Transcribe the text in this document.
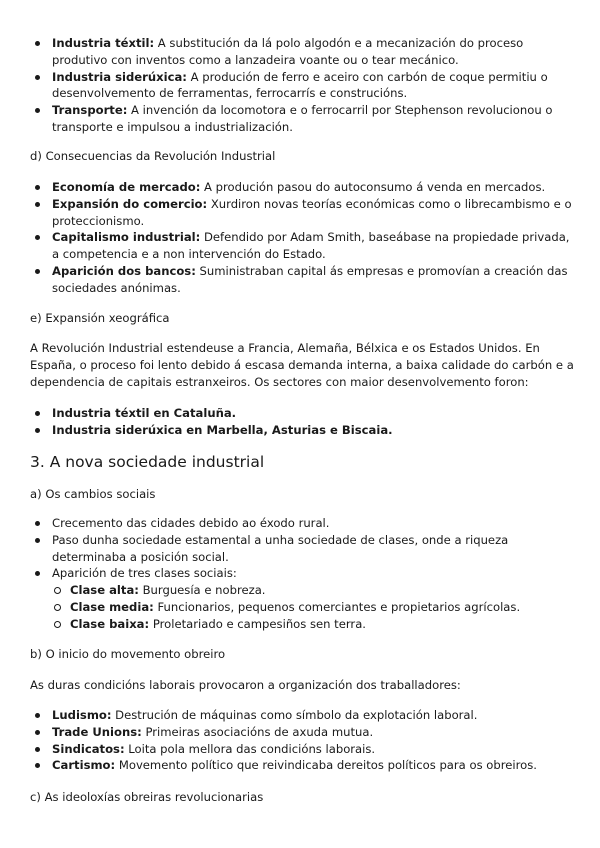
Industria téxtil: A substitución da lá polo algodón e a mecanización do proceso produtivo con inventos como a lanzadeira voante ou o tear mecánico.
Industria siderúxica: A produción de ferro e aceiro con carbón de coque permitiu o desenvolvemento de ferramentas, ferrocarrís e construcións.
Transporte: A invención da locomotora e o ferrocarril por Stephenson revolucionou o transporte e impulsou a industrialización.

d) Consecuencias da Revolución Industrial

Economía de mercado: A produción pasou do autoconsumo á venda en mercados.
Expansión do comercio: Xurdiron novas teorías económicas como o librecambismo e o proteccionismo.
Capitalismo industrial: Defendido por Adam Smith, baseábase na propiedade privada, a competencia e a non intervención do Estado.
Aparición dos bancos: Suministraban capital ás empresas e promovían a creación das sociedades anónimas.

e) Expansión xeográfica

A Revolución Industrial estendeuse a Francia, Alemaña, Bélxica e os Estados Unidos. En España, o proceso foi lento debido á escasa demanda interna, a baixa calidade do carbón e a dependencia de capitais estranxeiros. Os sectores con maior desenvolvemento foron:

Industria téxtil en Cataluña.
Industria siderúxica en Marbella, Asturias e Biscaia.

3. A nova sociedade industrial

a) Os cambios sociais

Crecemento das cidades debido ao éxodo rural.
Paso dunha sociedade estamental a unha sociedade de clases, onde a riqueza determinaba a posición social.
Aparición de tres clases sociais:
Clase alta: Burguesía e nobreza.
Clase media: Funcionarios, pequenos comerciantes e propietarios agrícolas.
Clase baixa: Proletariado e campesiños sen terra.

b) O inicio do movemento obreiro

As duras condicións laborais provocaron a organización dos traballadores:

Ludismo: Destrución de máquinas como símbolo da explotación laboral.
Trade Unions: Primeiras asociacións de axuda mutua.
Sindicatos: Loita pola mellora das condicións laborais.
Cartismo: Movemento político que reivindicaba dereitos políticos para os obreiros.

c) As ideoloxías obreiras revolucionarias
